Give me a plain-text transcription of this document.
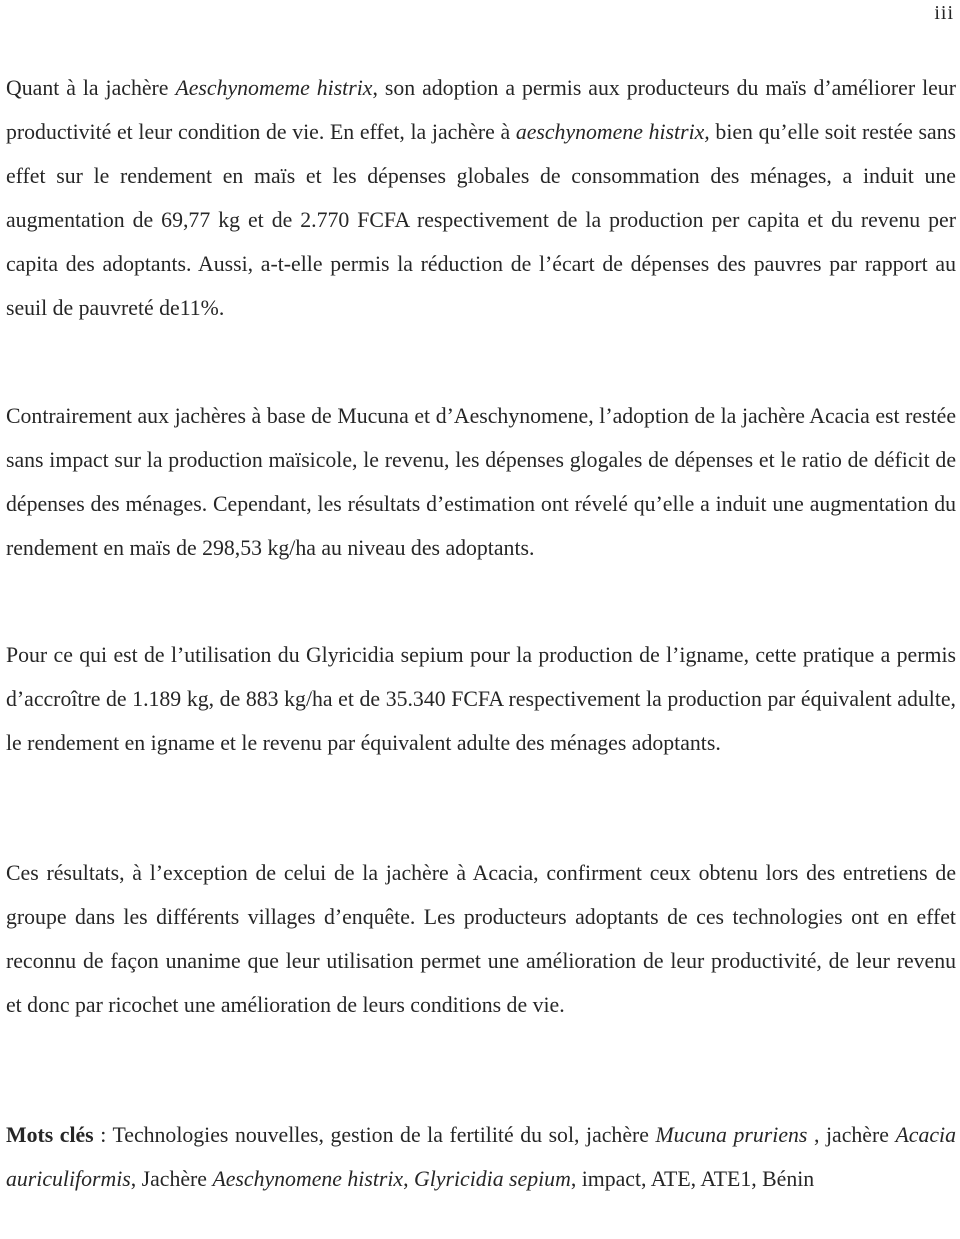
iii

Quant à la jachère Aeschynomeme histrix, son adoption a permis aux producteurs du maïs d’améliorer leur productivité et leur condition de vie. En effet, la jachère à aeschynomene histrix, bien qu’elle soit restée sans effet sur le rendement en maïs et les dépenses globales de consommation des ménages, a induit une augmentation de 69,77 kg et de 2.770 FCFA respectivement de la production per capita et du revenu per capita des adoptants. Aussi, a-t-elle permis la réduction de l’écart de dépenses des pauvres par rapport au seuil de pauvreté de11%.

Contrairement aux jachères à base de Mucuna et d’Aeschynomene, l’adoption de la jachère Acacia est restée sans impact sur la production maïsicole, le revenu, les dépenses glogales de dépenses et le ratio de déficit de dépenses des ménages. Cependant, les résultats d’estimation ont révelé qu’elle a induit une augmentation du rendement en maïs de 298,53 kg/ha au niveau des adoptants.

Pour ce qui est de l’utilisation du Glyricidia sepium pour la production de l’igname, cette pratique a permis d’accroître de 1.189 kg, de 883 kg/ha et de 35.340 FCFA respectivement la production par équivalent adulte, le rendement en igname et le revenu par équivalent adulte des ménages adoptants.

Ces résultats, à l’exception de celui de la jachère à Acacia, confirment ceux obtenu lors des entretiens de groupe dans les différents villages d’enquête. Les producteurs adoptants de ces technologies ont en effet reconnu de façon unanime que leur utilisation permet une amélioration de leur productivité, de leur revenu et donc par ricochet une amélioration de leurs conditions de vie.

Mots clés : Technologies nouvelles, gestion de la fertilité du sol, jachère Mucuna pruriens , jachère Acacia auriculiformis, Jachère Aeschynomene histrix, Glyricidia sepium, impact, ATE, ATE1, Bénin
